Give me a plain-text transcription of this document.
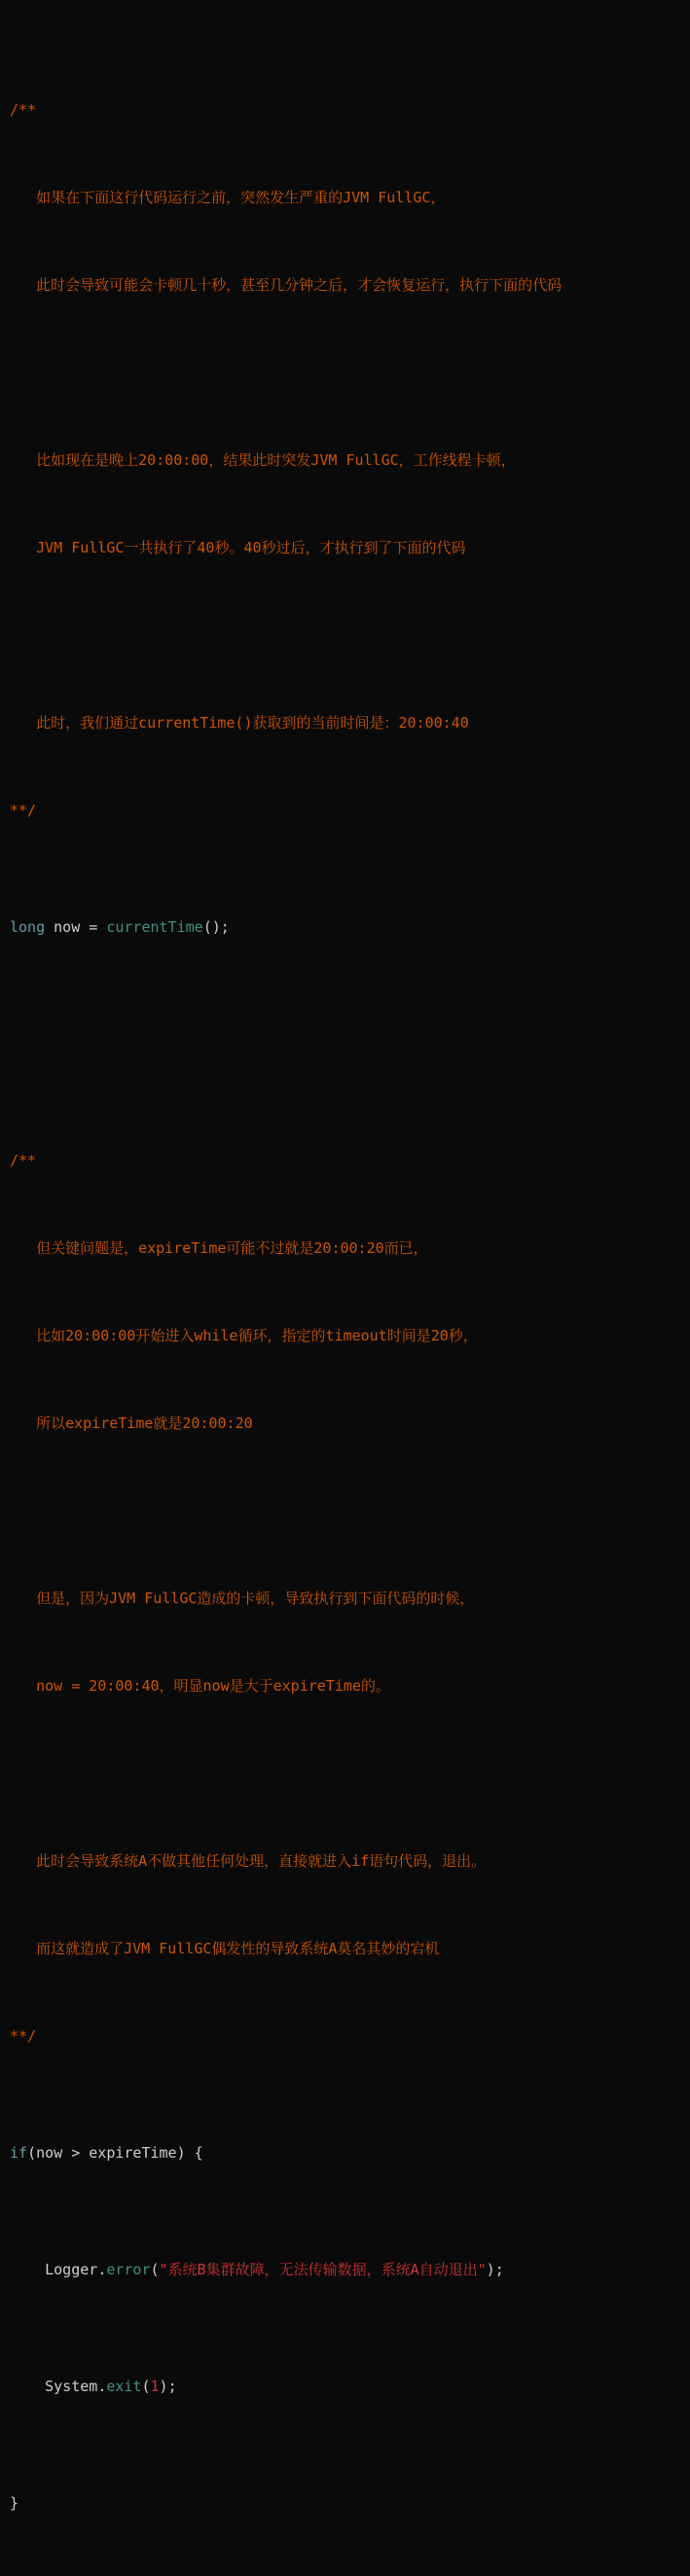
/**

如果在下面这行代码运行之前，突然发生严重的JVM FullGC，

此时会导致可能会卡顿几十秒，甚至几分钟之后，才会恢复运行，执行下面的代码

比如现在是晚上20:00:00，结果此时突发JVM FullGC，工作线程卡顿，

JVM FullGC一共执行了40秒。40秒过后，才执行到了下面的代码

此时，我们通过currentTime()获取到的当前时间是：20:00:40

**/

long now = currentTime();

/**

但关键问题是，expireTime可能不过就是20:00:20而已，

比如20:00:00开始进入while循环，指定的timeout时间是20秒，

所以expireTime就是20:00:20

但是，因为JVM FullGC造成的卡顿，导致执行到下面代码的时候，

now = 20:00:40，明显now是大于expireTime的。

此时会导致系统A不做其他任何处理，直接就进入if语句代码，退出。

而这就造成了JVM FullGC偶发性的导致系统A莫名其妙的宕机

**/

if(now > expireTime) {

Logger.error("系统B集群故障，无法传输数据，系统A自动退出");

System.exit(1);

}
